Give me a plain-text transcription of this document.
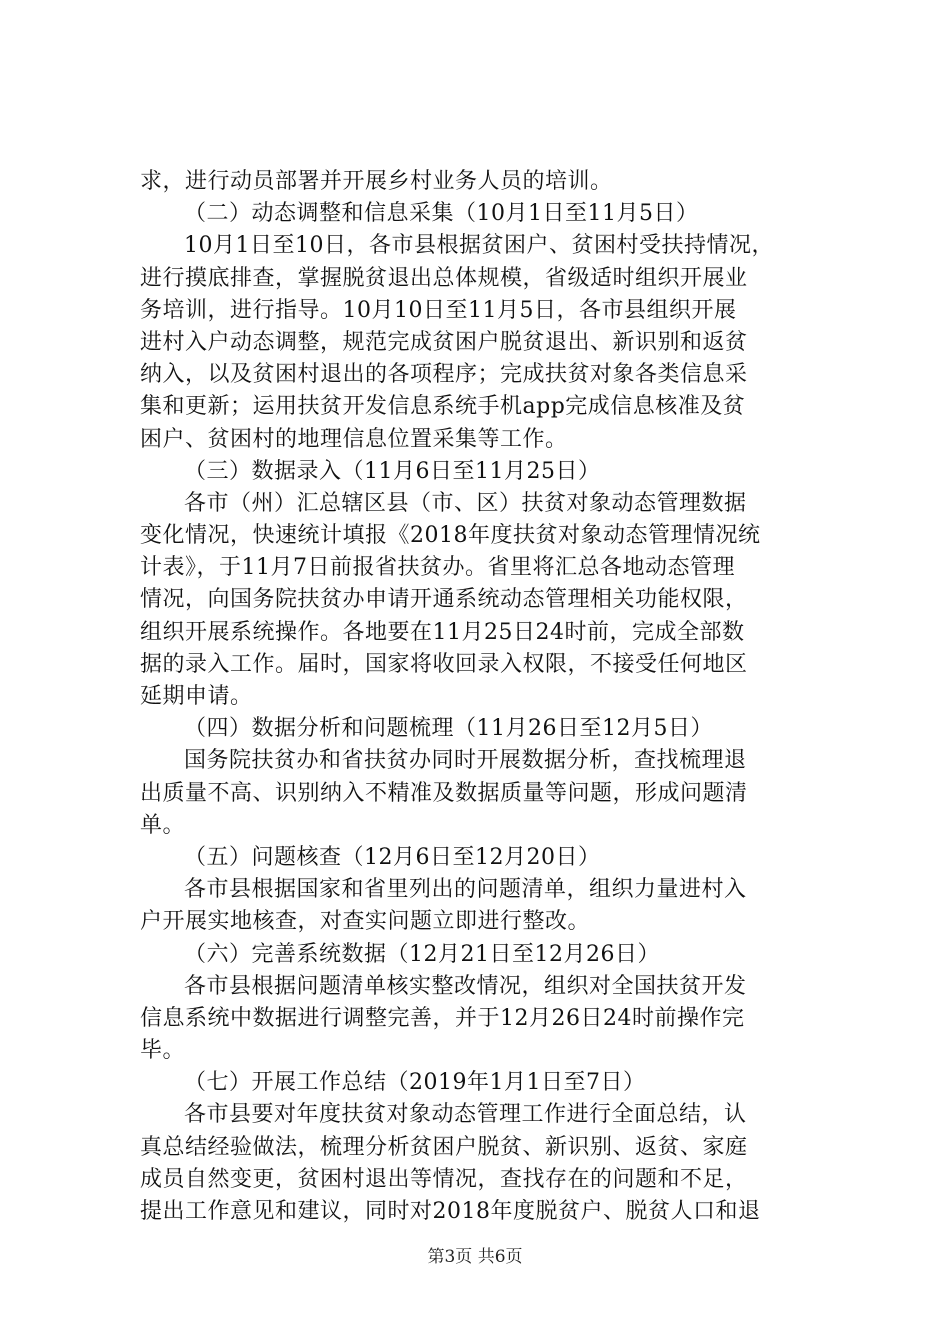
求，进行动员部署并开展乡村业务人员的培训。
（二）动态调整和信息采集（10月1日至11月5日）
10月1日至10日，各市县根据贫困户、贫困村受扶持情况，
进行摸底排查，掌握脱贫退出总体规模，省级适时组织开展业
务培训，进行指导。10月10日至11月5日，各市县组织开展
进村入户动态调整，规范完成贫困户脱贫退出、新识别和返贫
纳入，以及贫困村退出的各项程序；完成扶贫对象各类信息采
集和更新；运用扶贫开发信息系统手机app完成信息核准及贫
困户、贫困村的地理信息位置采集等工作。
（三）数据录入（11月6日至11月25日）
各市（州）汇总辖区县（市、区）扶贫对象动态管理数据
变化情况，快速统计填报《2018年度扶贫对象动态管理情况统
计表》，于11月7日前报省扶贫办。省里将汇总各地动态管理
情况，向国务院扶贫办申请开通系统动态管理相关功能权限，
组织开展系统操作。各地要在11月25日24时前，完成全部数
据的录入工作。届时，国家将收回录入权限，不接受任何地区
延期申请。
（四）数据分析和问题梳理（11月26日至12月5日）
国务院扶贫办和省扶贫办同时开展数据分析，查找梳理退
出质量不高、识别纳入不精准及数据质量等问题，形成问题清
单。
（五）问题核查（12月6日至12月20日）
各市县根据国家和省里列出的问题清单，组织力量进村入
户开展实地核查，对查实问题立即进行整改。
（六）完善系统数据（12月21日至12月26日）
各市县根据问题清单核实整改情况，组织对全国扶贫开发
信息系统中数据进行调整完善，并于12月26日24时前操作完
毕。
（七）开展工作总结（2019年1月1日至7日）
各市县要对年度扶贫对象动态管理工作进行全面总结，认
真总结经验做法，梳理分析贫困户脱贫、新识别、返贫、家庭
成员自然变更，贫困村退出等情况，查找存在的问题和不足，
提出工作意见和建议，同时对2018年度脱贫户、脱贫人口和退
第3页 共6页
